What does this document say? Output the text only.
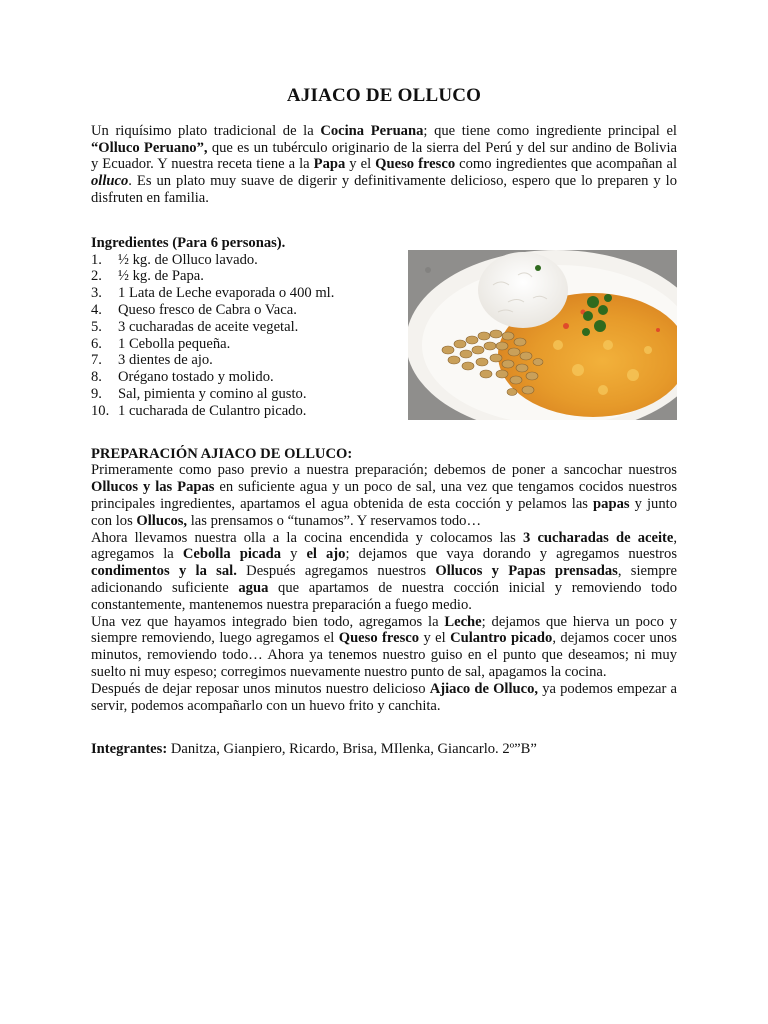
AJIACO DE OLLUCO

Un riquísimo plato tradicional de la Cocina Peruana; que tiene como ingrediente principal el “Olluco Peruano”, que es un tubérculo originario de la sierra del Perú y del sur andino de Bolivia y Ecuador. Y nuestra receta tiene a la Papa y el Queso fresco como ingredientes que acompañan al olluco. Es un plato muy suave de digerir y definitivamente delicioso, espero que lo preparen y lo disfruten en familia.

Ingredientes (Para 6 personas).
1.	½ kg. de Olluco lavado.
2.	½ kg. de Papa.
3.	1 Lata de Leche evaporada o 400 ml.
4.	Queso fresco de Cabra o Vaca.
5.	3 cucharadas de aceite vegetal.
6.	1 Cebolla pequeña.
7.	3 dientes de ajo.
8.	Orégano tostado y molido.
9.	Sal, pimienta y comino al gusto.
10. 1 cucharada de Culantro picado.
PREPARACIÓN AJIACO DE OLLUCO:

Primeramente como paso previo a nuestra preparación; debemos de poner a sancochar nuestros Ollucos y las Papas en suficiente agua y un poco de sal, una vez que tengamos cocidos nuestros principales ingredientes, apartamos el agua obtenida de esta cocción y pelamos las papas y junto con los Ollucos, las prensamos o “tunamos”. Y reservamos todo…

Ahora llevamos nuestra olla a la cocina encendida y colocamos las 3 cucharadas de aceite, agregamos la Cebolla picada y el ajo; dejamos que vaya dorando y agregamos nuestros condimentos y la sal. Después agregamos nuestros Ollucos y Papas prensadas, siempre adicionando suficiente agua que apartamos de nuestra cocción inicial y removiendo todo constantemente, mantenemos nuestra preparación a fuego medio.

Una vez que hayamos integrado bien todo, agregamos la Leche; dejamos que hierva un poco y siempre removiendo, luego agregamos el Queso fresco y el Culantro picado, dejamos cocer unos minutos, removiendo todo… Ahora ya tenemos nuestro guiso en el punto que deseamos; ni muy suelto ni muy espeso; corregimos nuevamente nuestro punto de sal, apagamos la cocina.

Después de dejar reposar unos minutos nuestro delicioso Ajiaco de Olluco, ya podemos empezar a servir, podemos acompañarlo con un huevo frito y canchita.

Integrantes: Danitza, Gianpiero, Ricardo, Brisa, MIlenka, Giancarlo. 2º”B”
